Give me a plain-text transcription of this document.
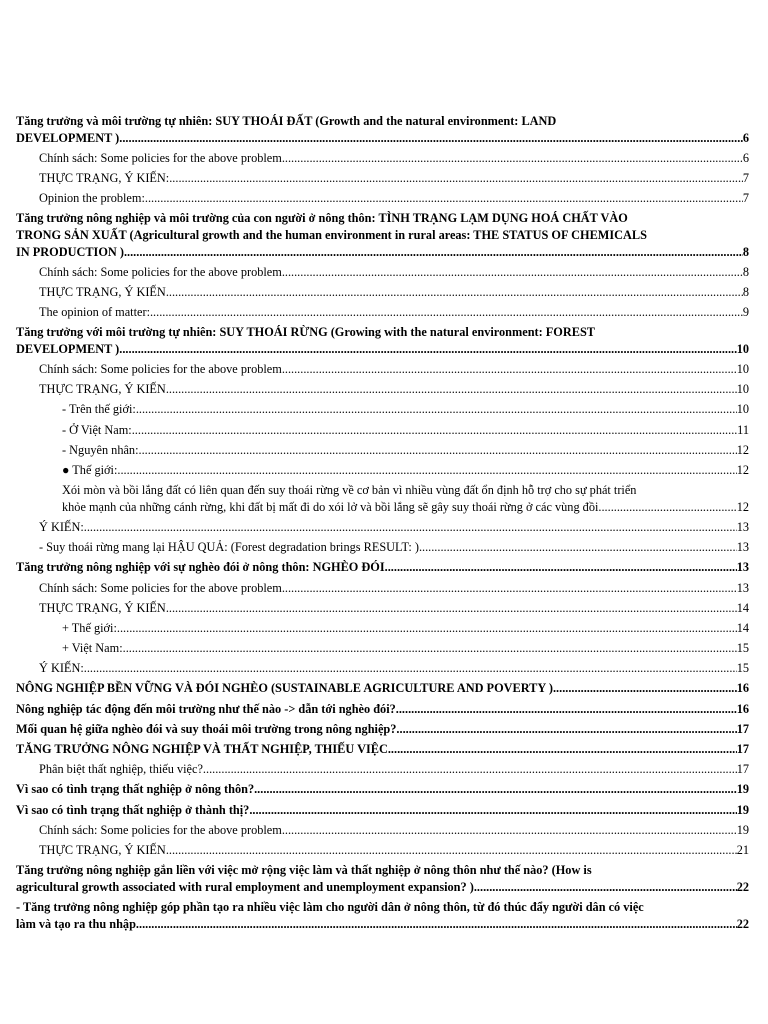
Tăng trưởng và môi trường tự nhiên: SUY THOÁI ĐẤT (Growth and the natural environment: LAND
DEVELOPMENT ) .....	6
Chính sách: Some policies for the above problem .....	6
THỰC TRẠNG, Ý KIẾN: .....	7
Opinion the problem: .....	7
Tăng trưởng nông nghiệp và môi trường của con người ở nông thôn: TÌNH TRẠNG LẠM DỤNG HOÁ CHẤT VÀO
TRONG SẢN XUẤT (Agricultural growth and the human environment in rural areas: THE STATUS OF CHEMICALS
IN PRODUCTION ) .....	8
Chính sách: Some policies for the above problem .....	8
THỰC TRẠNG, Ý KIẾN .....	8
The opinion of matter: .....	9
Tăng trưởng với môi trường tự nhiên: SUY THOÁI RỪNG (Growing with the natural environment: FOREST
DEVELOPMENT ) .....	10
Chính sách: Some policies for the above problem .....	10
THỰC TRẠNG, Ý KIẾN .....	10
- Trên thế giới: .....	10
- Ở Việt Nam: .....	11
- Nguyên nhân: .....	12
● Thế giới: .....	12
Xói mòn và bồi lắng đất có liên quan đến suy thoái rừng về cơ bản vì nhiều vùng đất ổn định hỗ trợ cho sự phát triển
khỏe mạnh của những cánh rừng, khi đất bị mất đi do xói lở và bồi lắng sẽ gây suy thoái rừng ở các vùng đồi .....	12
Ý KIẾN: .....	13
- Suy thoái rừng mang lại HẬU QUẢ: (Forest degradation brings RESULT: ) .....	13
Tăng trưởng nông nghiệp với sự nghèo đói ở nông thôn: NGHÈO ĐÓI .....	13
Chính sách: Some policies for the above problem .....	13
THỰC TRẠNG, Ý KIẾN .....	14
+ Thế giới: .....	14
+ Việt Nam: .....	15
Ý KIẾN: .....	15
NÔNG NGHIỆP BỀN VỮNG VÀ ĐÓI NGHÈO (SUSTAINABLE AGRICULTURE AND POVERTY ) .....	16
Nông nghiệp tác động đến môi trường như thế nào -> dẫn tới nghèo đói? .....	16
Mối quan hệ giữa nghèo đói và suy thoái môi trường trong nông nghiệp? .....	17
TĂNG TRƯỞNG NÔNG NGHIỆP VÀ THẤT NGHIỆP, THIẾU VIỆC .....	17
Phân biệt thất nghiệp, thiếu việc? .....	17
Vì sao có tình trạng thất nghiệp ở nông thôn? .....	19
Vì sao có tình trạng thất nghiệp ở thành thị? .....	19
Chính sách: Some policies for the above problem .....	19
THỰC TRẠNG, Ý KIẾN .....	21
Tăng trưởng nông nghiệp gắn liền với việc mở rộng việc làm và thất nghiệp ở nông thôn như thế nào? (How is
agricultural growth associated with rural employment and unemployment expansion? ) .....	22
- Tăng trưởng nông nghiệp góp phần tạo ra nhiều việc làm cho người dân ở nông thôn, từ đó thúc đẩy người dân có việc
làm và tạo ra thu nhập .....	22
